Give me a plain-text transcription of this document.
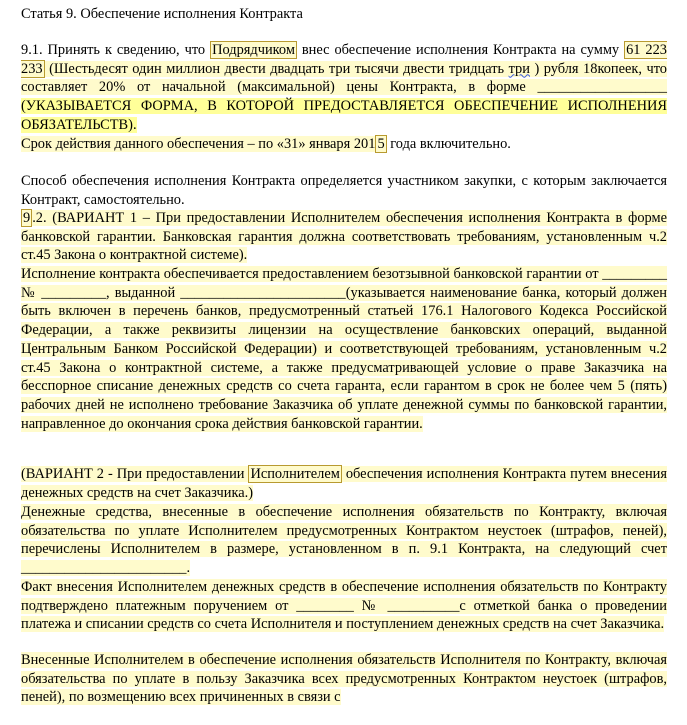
Статья 9. Обеспечение исполнения Контракта
9.1. Принять к сведению, что Подрядчиком внес обеспечение исполнения Контракта на сумму 61 223 233 (Шестьдесят один миллион двести двадцать три тысячи двести тридцать три ) рубля 18копеек, что составляет 20% от начальной (максимальной) цены Контракта, в форме __________________ (УКАЗЫВАЕТСЯ ФОРМА, В КОТОРОЙ ПРЕДОСТАВЛЯЕТСЯ ОБЕСПЕЧЕНИЕ ИСПОЛНЕНИЯ ОБЯЗАТЕЛЬСТВ).
Срок действия данного обеспечения – по «31» января 201 5 года включительно.
Способ обеспечения исполнения Контракта определяется участником закупки, с которым заключается Контракт, самостоятельно.
9 .2. (ВАРИАНТ 1 – При предоставлении Исполнителем обеспечения исполнения Контракта в форме банковской гарантии. Банковская гарантия должна соответствовать требованиям, установленным ч.2 ст.45 Закона о контрактной системе).
Исполнение контракта обеспечивается предоставлением безотзывной банковской гарантии от _________ № _________, выданной _______________________(указывается наименование банка, который должен быть включен в перечень банков, предусмотренный статьей 176.1 Налогового Кодекса Российской Федерации, а также реквизиты лицензии на осуществление банковских операций, выданной Центральным Банком Российской Федерации) и соответствующей требованиям, установленным ч.2 ст.45 Закона о контрактной системе, а также предусматривающей условие о праве Заказчика на бесспорное списание денежных средств со счета гаранта, если гарантом в срок не более чем 5 (пять) рабочих дней не исполнено требование Заказчика об уплате денежной суммы по банковской гарантии, направленное до окончания срока действия банковской гарантии.
(ВАРИАНТ 2 - При предоставлении Исполнителем обеспечения исполнения Контракта путем внесения денежных средств на счет Заказчика.)
Денежные средства, внесенные в обеспечение исполнения обязательств по Контракту, включая обязательства по уплате Исполнителем предусмотренных Контрактом неустоек (штрафов, пеней), перечислены Исполнителем в размере, установленном в п. 9.1 Контракта, на следующий счет _______________________.
Факт внесения Исполнителем денежных средств в обеспечение исполнения обязательств по Контракту подтверждено платежным поручением от ________ № __________с отметкой банка о проведении платежа и списании средств со счета Исполнителя и поступлением денежных средств на счет Заказчика.
Внесенные Исполнителем в обеспечение исполнения обязательств Исполнителя по Контракту, включая обязательства по уплате в пользу Заказчика всех предусмотренных Контрактом неустоек (штрафов, пеней), по возмещению всех причиненных в связи с
